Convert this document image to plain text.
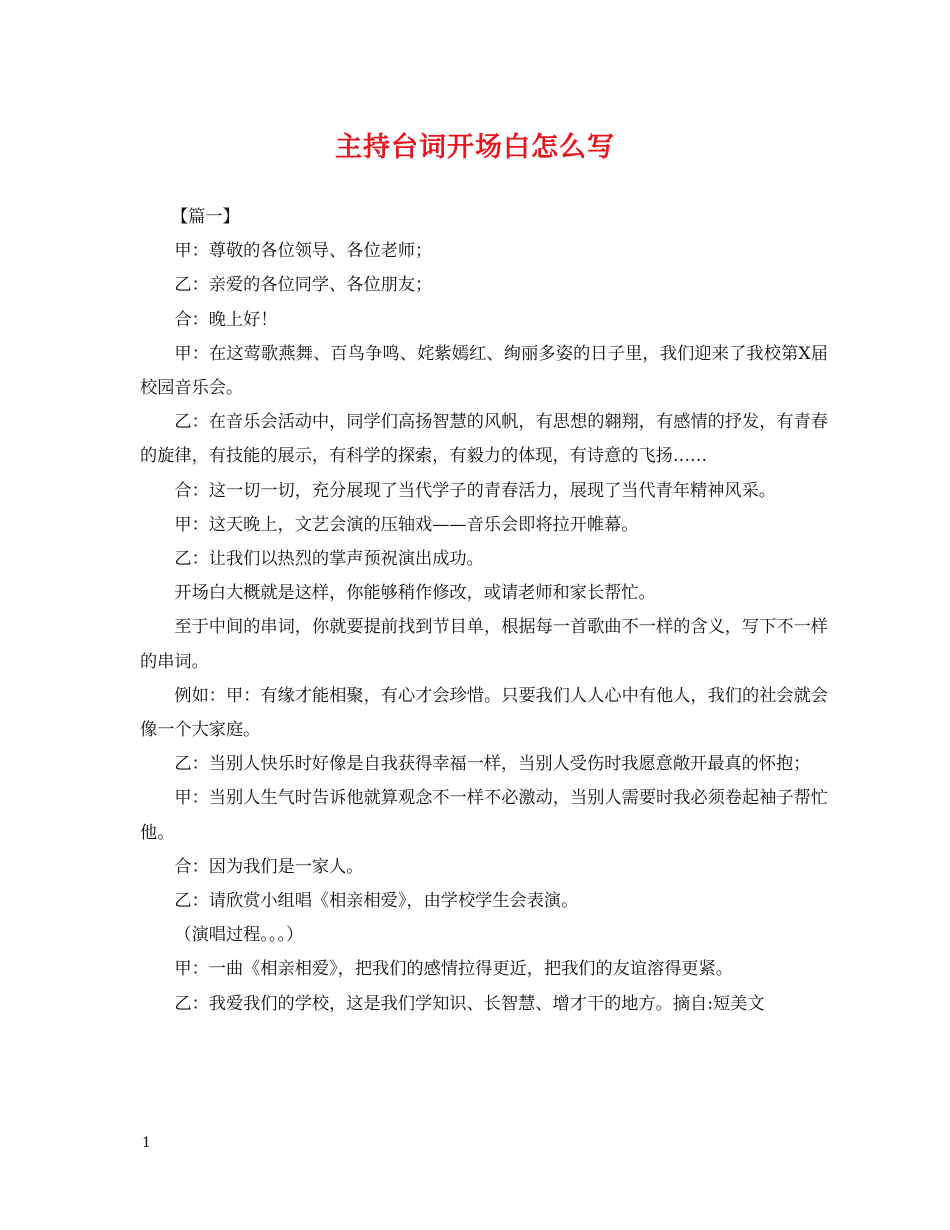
主持台词开场白怎么写

【篇一】

甲：尊敬的各位领导、各位老师；

乙：亲爱的各位同学、各位朋友；

合：晚上好！

甲：在这莺歌燕舞、百鸟争鸣、姹紫嫣红、绚丽多姿的日子里，我们迎来了我校第X届校园音乐会。

乙：在音乐会活动中，同学们高扬智慧的风帆，有思想的翱翔，有感情的抒发，有青春的旋律，有技能的展示，有科学的探索，有毅力的体现，有诗意的飞扬……

合：这一切一切，充分展现了当代学子的青春活力，展现了当代青年精神风采。

甲：这天晚上，文艺会演的压轴戏——音乐会即将拉开帷幕。

乙：让我们以热烈的掌声预祝演出成功。

开场白大概就是这样，你能够稍作修改，或请老师和家长帮忙。

至于中间的串词，你就要提前找到节目单，根据每一首歌曲不一样的含义，写下不一样的串词。

例如：甲：有缘才能相聚，有心才会珍惜。只要我们人人心中有他人，我们的社会就会像一个大家庭。

乙：当别人快乐时好像是自我获得幸福一样，当别人受伤时我愿意敞开最真的怀抱；

甲：当别人生气时告诉他就算观念不一样不必激动，当别人需要时我必须卷起袖子帮忙他。

合：因为我们是一家人。

乙：请欣赏小组唱《相亲相爱》，由学校学生会表演。

（演唱过程。。。）

甲：一曲《相亲相爱》，把我们的感情拉得更近，把我们的友谊溶得更紧。

乙：我爱我们的学校，这是我们学知识、长智慧、增才干的地方。摘自:短美文

1
